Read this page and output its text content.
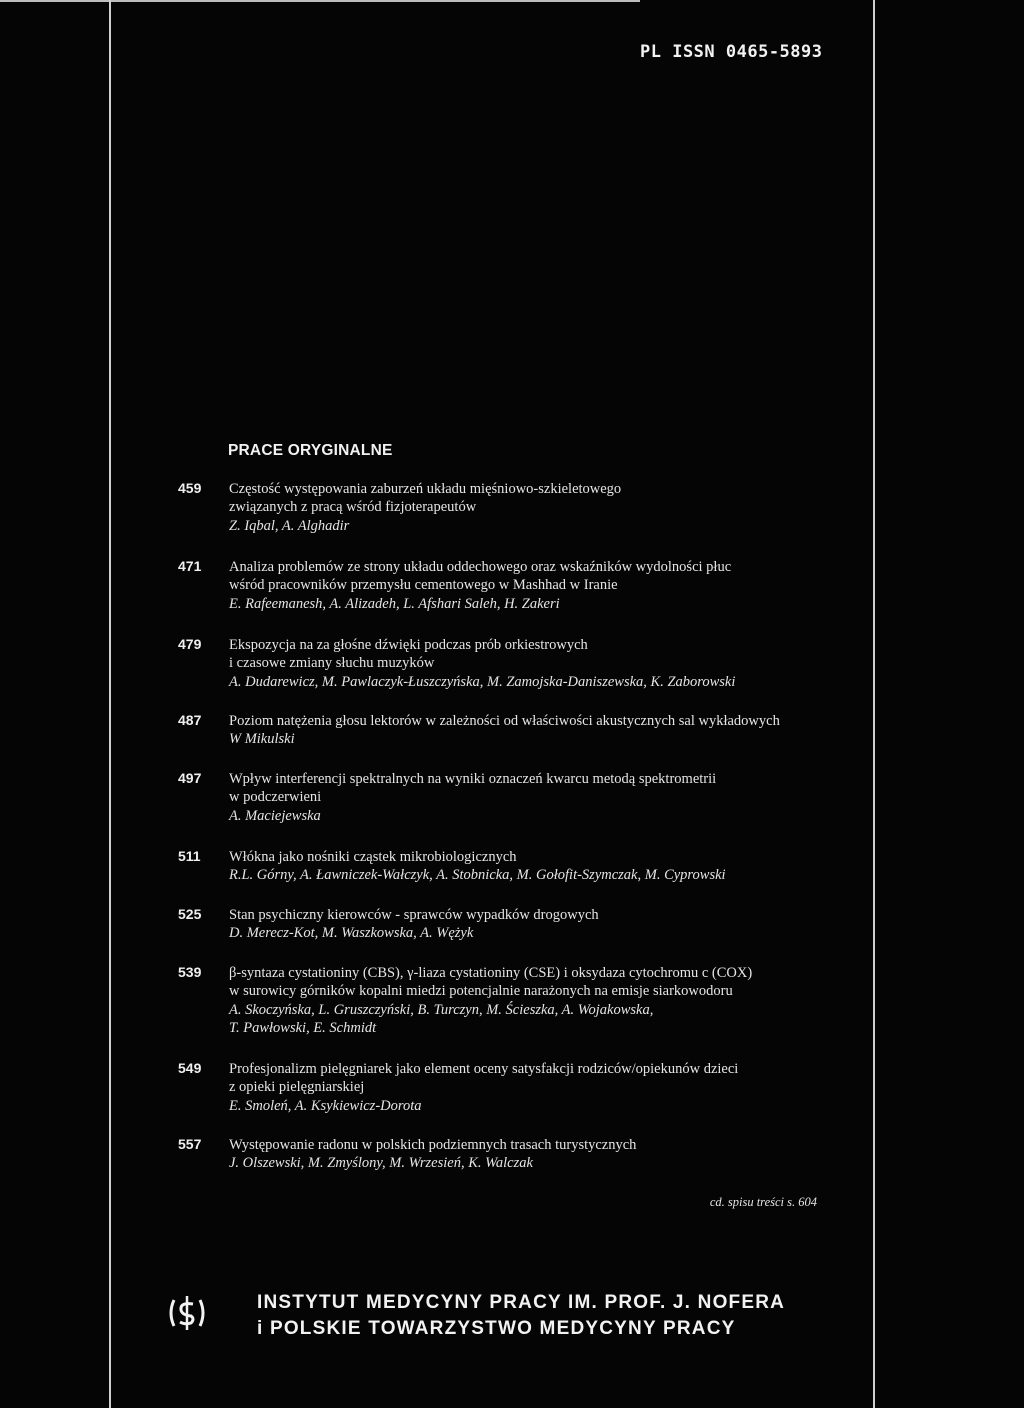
PL ISSN 0465-5893
PRACE ORYGINALNE
459 Częstość występowania zaburzeń układu mięśniowo-szkieletowego
związanych z pracą wśród fizjoterapeutów
Z. Iqbal, A. Alghadir
471 Analiza problemów ze strony układu oddechowego oraz wskaźników wydolności płuc
wśród pracowników przemysłu cementowego w Mashhad w Iranie
E. Rafeemanesh, A. Alizadeh, L. Afshari Saleh, H. Zakeri
479 Ekspozycja na za głośne dźwięki podczas prób orkiestrowych
i czasowe zmiany słuchu muzyków
A. Dudarewicz, M. Pawlaczyk-Łuszczyńska, M. Zamojska-Daniszewska, K. Zaborowski
487 Poziom natężenia głosu lektorów w zależności od właściwości akustycznych sal wykładowych
W Mikulski
497 Wpływ interferencji spektralnych na wyniki oznaczeń kwarcu metodą spektrometrii
w podczerwieni
A. Maciejewska
511 Włókna jako nośniki cząstek mikrobiologicznych
R.L. Górny, A. Ławniczek-Wałczyk, A. Stobnicka, M. Gołofit-Szymczak, M. Cyprowski
525 Stan psychiczny kierowców - sprawców wypadków drogowych
D. Merecz-Kot, M. Waszkowska, A. Wężyk
539 β-syntaza cystationiny (CBS), γ-liaza cystationiny (CSE) i oksydaza cytochromu c (COX)
w surowicy górników kopalni miedzi potencjalnie narażonych na emisje siarkowodoru
A. Skoczyńska, L. Gruszczyński, B. Turczyn, M. Ścieszka, A. Wojakowska,
T. Pawłowski, E. Schmidt
549 Profesjonalizm pielęgniarek jako element oceny satysfakcji rodziców/opiekunów dzieci
z opieki pielęgniarskiej
E. Smoleń, A. Ksykiewicz-Dorota
557 Występowanie radonu w polskich podziemnych trasach turystycznych
J. Olszewski, M. Zmyślony, M. Wrzesień, K. Walczak
cd. spisu treści s. 604
INSTYTUT MEDYCYNY PRACY IM. PROF. J. NOFERA
i POLSKIE TOWARZYSTWO MEDYCYNY PRACY
